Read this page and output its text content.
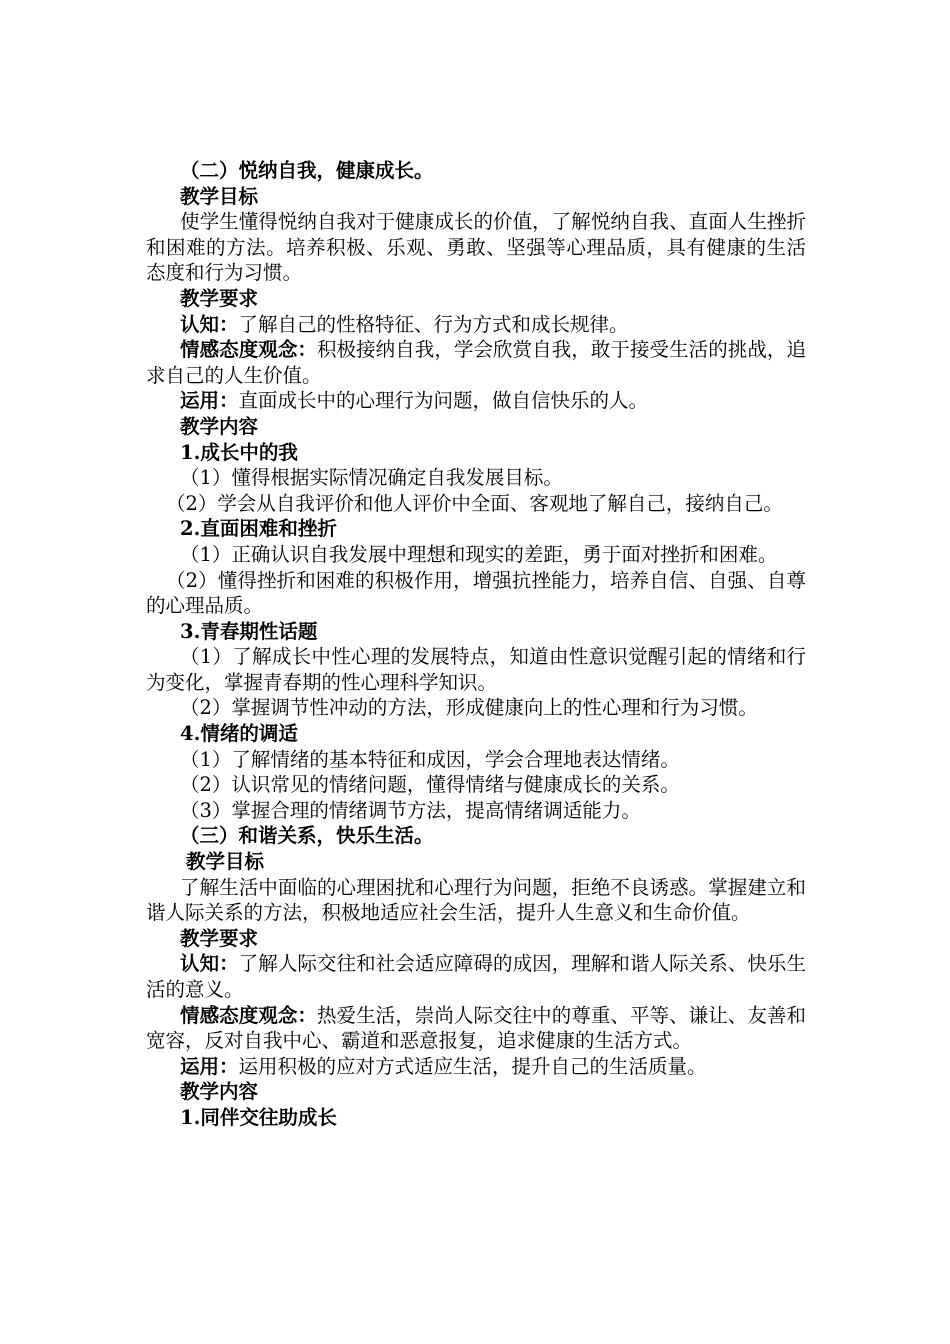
（二）悦纳自我，健康成长。

教学目标

使学生懂得悦纳自我对于健康成长的价值，了解悦纳自我、直面人生挫折和困难的方法。培养积极、乐观、勇敢、坚强等心理品质，具有健康的生活态度和行为习惯。

教学要求

认知：了解自己的性格特征、行为方式和成长规律。

情感态度观念：积极接纳自我，学会欣赏自我，敢于接受生活的挑战，追求自己的人生价值。

运用：直面成长中的心理行为问题，做自信快乐的人。

教学内容

1.成长中的我

（1）懂得根据实际情况确定自我发展目标。

（2）学会从自我评价和他人评价中全面、客观地了解自己，接纳自己。

2.直面困难和挫折

（1）正确认识自我发展中理想和现实的差距，勇于面对挫折和困难。

（2）懂得挫折和困难的积极作用，增强抗挫能力，培养自信、自强、自尊的心理品质。

3.青春期性话题

（1）了解成长中性心理的发展特点，知道由性意识觉醒引起的情绪和行为变化，掌握青春期的性心理科学知识。

（2）掌握调节性冲动的方法，形成健康向上的性心理和行为习惯。

4.情绪的调适

（1）了解情绪的基本特征和成因，学会合理地表达情绪。

（2）认识常见的情绪问题，懂得情绪与健康成长的关系。

（3）掌握合理的情绪调节方法，提高情绪调适能力。

（三）和谐关系，快乐生活。

教学目标

了解生活中面临的心理困扰和心理行为问题，拒绝不良诱惑。掌握建立和谐人际关系的方法，积极地适应社会生活，提升人生意义和生命价值。

教学要求

认知：了解人际交往和社会适应障碍的成因，理解和谐人际关系、快乐生活的意义。

情感态度观念：热爱生活，崇尚人际交往中的尊重、平等、谦让、友善和宽容，反对自我中心、霸道和恶意报复，追求健康的生活方式。

运用：运用积极的应对方式适应生活，提升自己的生活质量。

教学内容

1.同伴交往助成长
